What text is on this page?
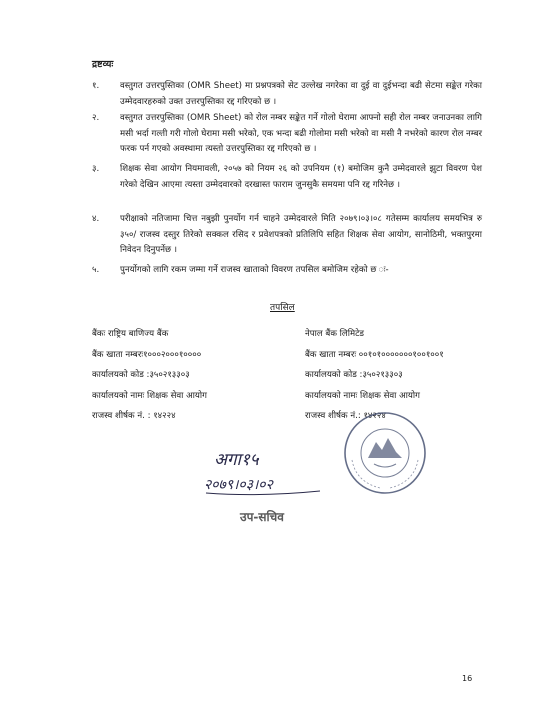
द्रष्टव्यः
१. वस्तुगत उत्तरपुस्तिका (OMR Sheet) मा प्रश्नपत्रको सेट उल्लेख नगरेका वा दुई वा दुईभन्दा बढी सेटमा सङ्केत गरेका उम्मेदवारहरुको उक्त उत्तरपुस्तिका रद्द गरिएको छ ।
२. वस्तुगत उत्तरपुस्तिका (OMR Sheet) को रोल नम्बर सङ्केत गर्ने गोलो घेरामा आफ्नो सही रोल नम्बर जनाउनका लागि मसी भर्दा गल्ती गरी गोलो घेरामा मसी भरेको, एक भन्दा बढी गोलोमा मसी भरेको वा मसी नै नभरेको कारण रोल नम्बर फरक पर्न गएको अवस्थामा त्यस्तो उत्तरपुस्तिका रद्द गरिएको छ ।
३. शिक्षक सेवा आयोग नियमावली, २०५७ को नियम २६ को उपनियम (१) बमोजिम कुनै उम्मेदवारले झुटा विवरण पेश गरेको देखिन आएमा त्यस्ता उम्मेदवारको दरखास्त फाराम जुनसुकै समयमा पनि रद्द गरिनेछ ।
४. परीक्षाको नतिजामा चित्त नबुझी पुनर्योग गर्न चाहने उम्मेदवारले मिति २०७९।०३।०८ गतेसम्म कार्यालय समयभित्र रु ३५०/ राजस्व दस्तुर तिरेको सक्कल रसिद र प्रवेशपत्रको प्रतिलिपि सहित शिक्षक सेवा आयोग, सानोठिमी, भक्तपुरमा निवेदन दिनुपर्नेछ ।
५. पुनर्योगको लागि रकम जम्मा गर्ने राजस्व खाताको विवरण तपसिल बमोजिम रहेको छ ः-
तपसिल
बैंकः राष्ट्रिय बाणिज्य बैंक
बैंक खाता नम्बरः१०००२०००१००००
कार्यालयको कोड :३५०२१३३०३
कार्यालयको नामः शिक्षक सेवा आयोग
राजस्व शीर्षक नं. : १४२२४
नेपाल बैंक लिमिटेड
बैंक खाता नम्बरः ००१०१०००००००१००१००१
कार्यालयको कोड :३५०२१३३०३
कार्यालयको नामः शिक्षक सेवा आयोग
राजस्व शीर्षक नं.: १४२२४
अगा१५
२०७९।०३।०२
उप-सचिव
16
